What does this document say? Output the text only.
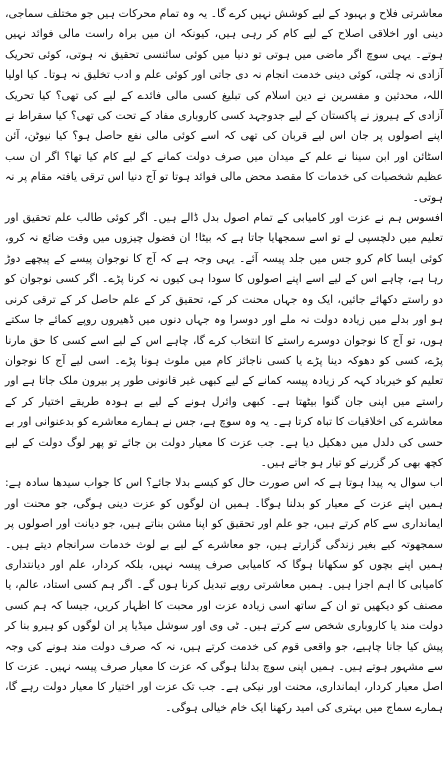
معاشرتی فلاح و بہبود کے لیے کوشش نہیں کرے گا۔ یہ وہ تمام محرکات ہیں جو مختلف سماجی، دینی اور اخلاقی اصلاح کے لیے کام کر رہی ہیں، کیونکہ ان میں براہ راست مالی فوائد نہیں ہوتے۔ یہی سوچ اگر ماضی میں ہوتی تو دنیا میں کوئی سائنسی تحقیق نہ ہوتی، کوئی تحریک آزادی نہ چلتی، کوئی دینی خدمت انجام نہ دی جاتی اور کوئی علم و ادب تخلیق نہ ہوتا۔ کیا اولیا اللہ، محدثین و مفسرین نے دین اسلام کی تبلیغ کسی مالی فائدے کے لیے کی تھی؟ کیا تحریک آزادی کے ہیروز نے پاکستان کے لیے جدوجہد کسی کاروباری مفاد کے تحت کی تھی؟ کیا سقراط نے اپنے اصولوں پر جان اس لیے قربان کی تھی کہ اسے کوئی مالی نفع حاصل ہو؟ کیا نیوٹن، آئن اسٹائن اور ابن سینا نے علم کے میدان میں صرف دولت کمانے کے لیے کام کیا تھا؟ اگر ان سب عظیم شخصیات کی خدمات کا مقصد محض مالی فوائد ہوتا تو آج دنیا اس ترقی یافتہ مقام پر نہ ہوتی۔

افسوس ہم نے عزت اور کامیابی کے تمام اصول بدل ڈالے ہیں۔ اگر کوئی طالب علم تحقیق اور تعلیم میں دلچسپی لے تو اسے سمجھایا جاتا ہے کہ بیٹا! ان فضول چیزوں میں وقت ضائع نہ کرو، کوئی ایسا کام کرو جس میں جلد پیسہ آئے۔ یہی وجہ ہے کہ آج کا نوجوان پیسے کے پیچھے دوڑ رہا ہے، چاہے اس کے لیے اسے اپنے اصولوں کا سودا ہی کیوں نہ کرنا پڑے۔ اگر کسی نوجوان کو دو راستے دکھائے جائیں، ایک وہ جہاں محنت کر کے، تحقیق کر کے علم حاصل کر کے ترقی کرنی ہو اور بدلے میں زیادہ دولت نہ ملے اور دوسرا وہ جہاں دنوں میں ڈھیروں روپے کمائے جا سکتے ہوں، تو آج کا نوجوان دوسرے راستے کا انتخاب کرے گا، چاہے اس کے لیے اسے کسی کا حق مارنا پڑے، کسی کو دھوکہ دینا پڑے یا کسی ناجائز کام میں ملوث ہونا پڑے۔ اسی لیے آج کا نوجوان تعلیم کو خیرباد کہہ کر زیادہ پیسہ کمانے کے لیے کبھی غیر قانونی طور پر بیرون ملک جاتا ہے اور راستے میں اپنی جان گنوا بیٹھتا ہے۔ کبھی وائرل ہونے کے لیے بے ہودہ طریقے اختیار کر کے معاشرے کی اخلاقیات کا تباہ کرتا ہے۔ یہ وہ سوچ ہے، جس نے ہمارے معاشرے کو بدعنوانی اور بے حسی کی دلدل میں دھکیل دیا ہے۔ جب عزت کا معیار دولت بن جائے تو پھر لوگ دولت کے لیے کچھ بھی کر گزرنے کو تیار ہو جاتے ہیں۔

اب سوال یہ پیدا ہوتا ہے کہ اس صورت حال کو کیسے بدلا جائے؟ اس کا جواب سیدھا سادہ ہے: ہمیں اپنے عزت کے معیار کو بدلنا ہوگا۔ ہمیں ان لوگوں کو عزت دینی ہوگی، جو محنت اور ایمانداری سے کام کرتے ہیں، جو علم اور تحقیق کو اپنا مشن بناتے ہیں، جو دیانت اور اصولوں پر سمجھوتہ کیے بغیر زندگی گزارتے ہیں، جو معاشرے کے لیے بے لوث خدمات سرانجام دیتے ہیں۔ ہمیں اپنے بچوں کو سکھانا ہوگا کہ کامیابی صرف پیسہ نہیں، بلکہ کردار، علم اور دیانتداری کامیابی کا اہم اجزا ہیں۔ ہمیں معاشرتی رویے تبدیل کرنا ہوں گے۔ اگر ہم کسی استاد، عالم، یا مصنف کو دیکھیں تو ان کے ساتھ اسی زیادہ عزت اور محبت کا اظہار کریں، جیسا کہ ہم کسی دولت مند یا کاروباری شخص سے کرتے ہیں۔ ٹی وی اور سوشل میڈیا پر ان لوگوں کو ہیرو بنا کر پیش کیا جانا چاہیے، جو واقعی قوم کی خدمت کرتے ہیں، نہ کہ صرف دولت مند ہونے کی وجہ سے مشہور ہوتے ہیں۔ ہمیں اپنی سوچ بدلنا ہوگی کہ عزت کا معیار صرف پیسہ نہیں۔ عزت کا اصل معیار کردار، ایمانداری، محنت اور نیکی ہے۔ جب تک عزت اور اختیار کا معیار دولت رہے گا، ہمارے سماج میں بہتری کی امید رکھنا ایک خام خیالی ہوگی۔
